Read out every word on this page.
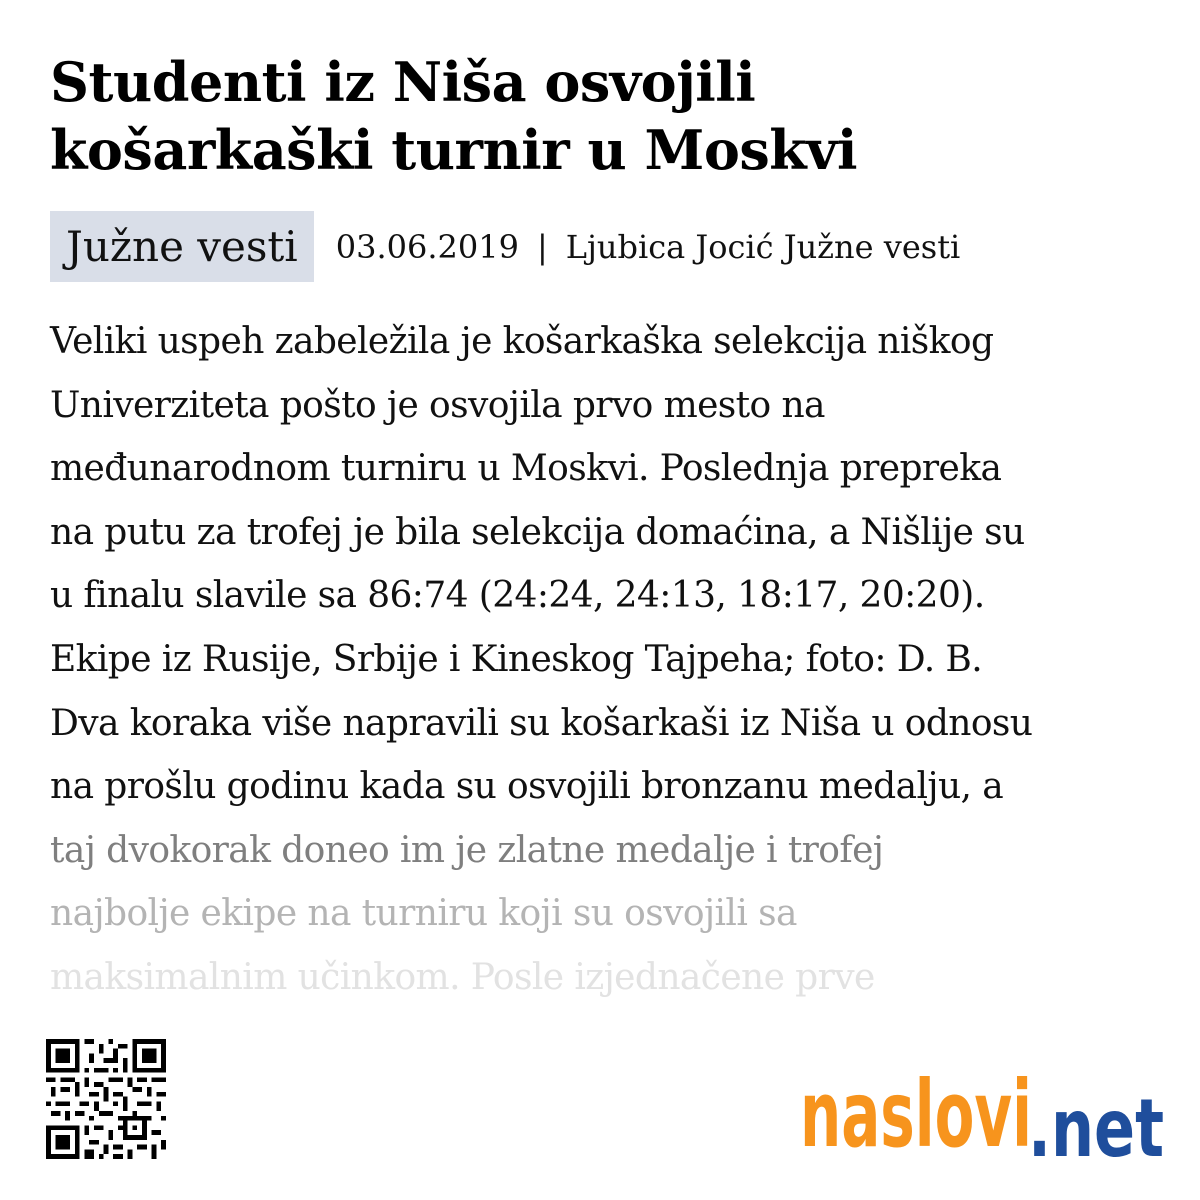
Studenti iz Niša osvojili
košarkaški turnir u Moskvi
Južne vesti	03.06.2019 | Ljubica Jocić Južne vesti
Veliki uspeh zabeležila je košarkaška selekcija niškog
Univerziteta pošto je osvojila prvo mesto na
međunarodnom turniru u Moskvi. Poslednja prepreka
na putu za trofej je bila selekcija domaćina, a Nišlije su
u finalu slavile sa 86:74 (24:24, 24:13, 18:17, 20:20).
Ekipe iz Rusije, Srbije i Kineskog Tajpeha; foto: D. B.
Dva koraka više napravili su košarkaši iz Niša u odnosu
na prošlu godinu kada su osvojili bronzanu medalju, a
taj dvokorak doneo im je zlatne medalje i trofej
najbolje ekipe na turniru koji su osvojili sa
maksimalnim učinkom. Posle izjednačene prve
naslovi
.net
